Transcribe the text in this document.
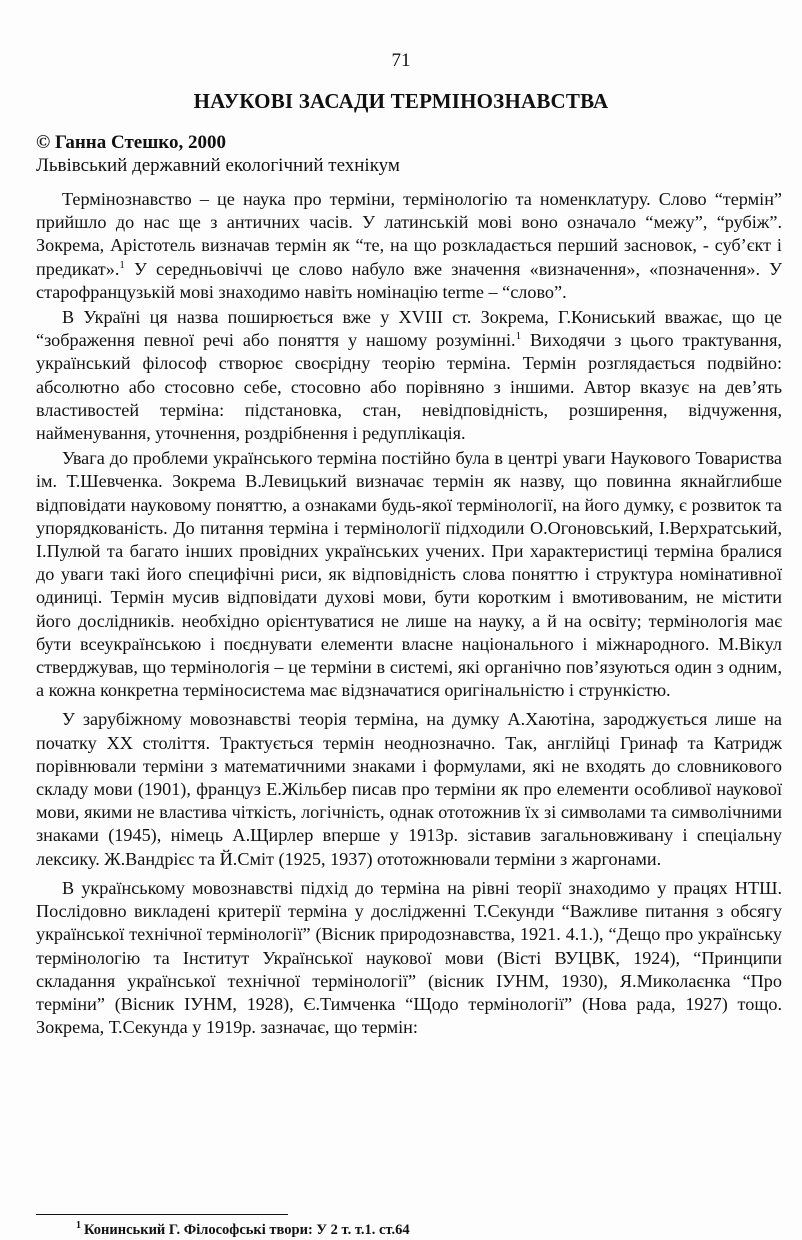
71
НАУКОВІ ЗАСАДИ ТЕРМІНОЗНАВСТВА
© Ганна Стешко, 2000
Львівський державний екологічний технікум

Термінознавство – це наука про терміни, термінологію та номенклатуру. Слово “термін” прийшло до нас ще з античних часів. У латинській мові воно означало “межу”, “рубіж”. Зокрема, Арістотель визначав термін як “те, на що розкладається перший засновок, - суб’єкт і предикат».$^1$ У середньовіччі це слово набуло вже значення «визначення», «позначення». У старофранцузькій мові знаходимо навіть номінацію terme – “слово”.

В Україні ця назва поширюється вже у XVIII ст. Зокрема, Г.Кониський вважає, що це “зображення певної речі або поняття у нашому розумінні.$^1$ Виходячи з цього трактування, український філософ створює своєрідну теорію терміна. Термін розглядається подвійно: абсолютно або стосовно себе, стосовно або порівняно з іншими. Автор вказує на дев’ять властивостей терміна: підстановка, стан, невідповідність, розширення, відчуження, найменування, уточнення, роздрібнення і редуплікація.

Увага до проблеми українського терміна постійно була в центрі уваги Наукового Товариства ім. Т.Шевченка. Зокрема В.Левицький визначає термін як назву, що повинна якнайглибше відповідати науковому поняттю, а ознаками будь-якої термінології, на його думку, є розвиток та упорядкованість. До питання терміна і термінології підходили О.Огоновський, І.Верхратський, І.Пулюй та багато інших провідних українських учених. При характеристиці терміна бралися до уваги такі його специфічні риси, як відповідність слова поняттю і структура номінативної одиниці. Термін мусив відповідати духові мови, бути коротким і вмотивованим, не містити його дослідників. необхідно орієнтуватися не лише на науку, а й на освіту; термінологія має бути всеукраїнською і поєднувати елементи власне національного і міжнародного. М.Вікул стверджував, що термінологія – це терміни в системі, які органічно пов’язуються один з одним, а кожна конкретна терміносистема має відзначатися оригінальністю і стрункістю.

У зарубіжному мовознавстві теорія терміна, на думку А.Хаютіна, зароджується лише на початку XX століття. Трактується термін неоднозначно. Так, англійці Гринаф та Катридж порівнювали терміни з математичними знаками і формулами, які не входять до словникового складу мови (1901), француз Е.Жільбер писав про терміни як про елементи особливої наукової мови, якими не властива чіткість, логічність, однак ототожнив їх зі символами та символічними знаками (1945), німець А.Щирлер вперше у 1913р. зіставив загальновживану і спеціальну лексику. Ж.Вандрієс та Й.Сміт (1925, 1937) ототожнювали терміни з жаргонами.

В українському мовознавстві підхід до терміна на рівні теорії знаходимо у працях НТШ. Послідовно викладені критерії терміна у дослідженні Т.Секунди “Важливе питання з обсягу української технічної термінології” (Вісник природознавства, 1921. 4.1.), “Дещо про українську термінологію та Інститут Української наукової мови (Вісті ВУЦВК, 1924), “Принципи складання української технічної термінології” (вісник ІУНМ, 1930), Я.Миколаєнка “Про терміни” (Вісник ІУНМ, 1928), Є.Тимченка “Щодо термінології” (Нова рада, 1927) тощо. Зокрема, Т.Секунда у 1919р. зазначає, що термін:

$^1$ Конинський Г. Філософські твори: У 2 т. т.1. ст.64
